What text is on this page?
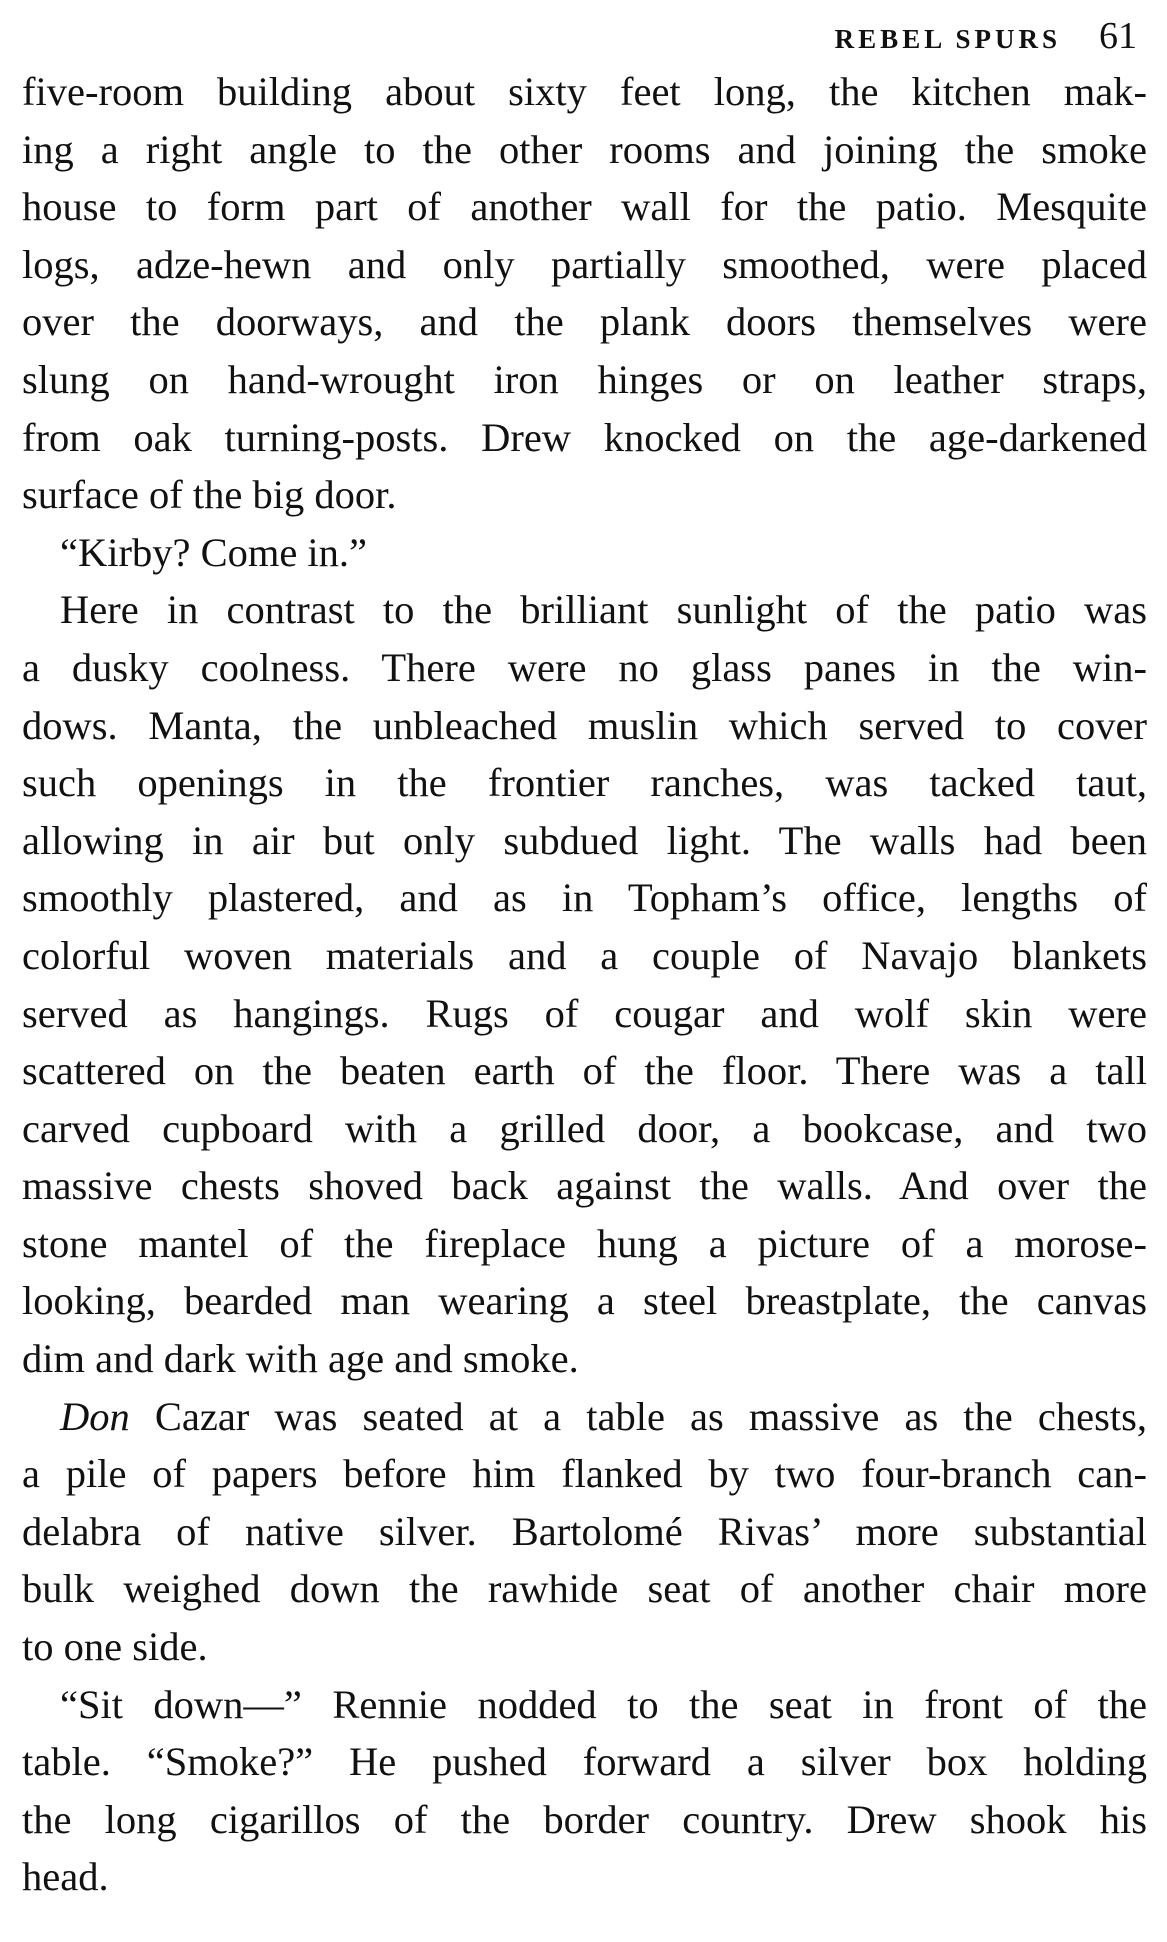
REBEL SPURS 61
five-room building about sixty feet long, the kitchen mak-
ing a right angle to the other rooms and joining the smoke
house to form part of another wall for the patio. Mesquite
logs, adze-hewn and only partially smoothed, were placed
over the doorways, and the plank doors themselves were
slung on hand-wrought iron hinges or on leather straps,
from oak turning-posts. Drew knocked on the age-darkened
surface of the big door.
“Kirby? Come in.”
Here in contrast to the brilliant sunlight of the patio was
a dusky coolness. There were no glass panes in the win-
dows. Manta, the unbleached muslin which served to cover
such openings in the frontier ranches, was tacked taut,
allowing in air but only subdued light. The walls had been
smoothly plastered, and as in Topham’s office, lengths of
colorful woven materials and a couple of Navajo blankets
served as hangings. Rugs of cougar and wolf skin were
scattered on the beaten earth of the floor. There was a tall
carved cupboard with a grilled door, a bookcase, and two
massive chests shoved back against the walls. And over the
stone mantel of the fireplace hung a picture of a morose-
looking, bearded man wearing a steel breastplate, the canvas
dim and dark with age and smoke.
Don Cazar was seated at a table as massive as the chests,
a pile of papers before him flanked by two four-branch can-
delabra of native silver. Bartolomé Rivas’ more substantial
bulk weighed down the rawhide seat of another chair more
to one side.
“Sit down—” Rennie nodded to the seat in front of the
table. “Smoke?” He pushed forward a silver box holding
the long cigarillos of the border country. Drew shook his
head.
